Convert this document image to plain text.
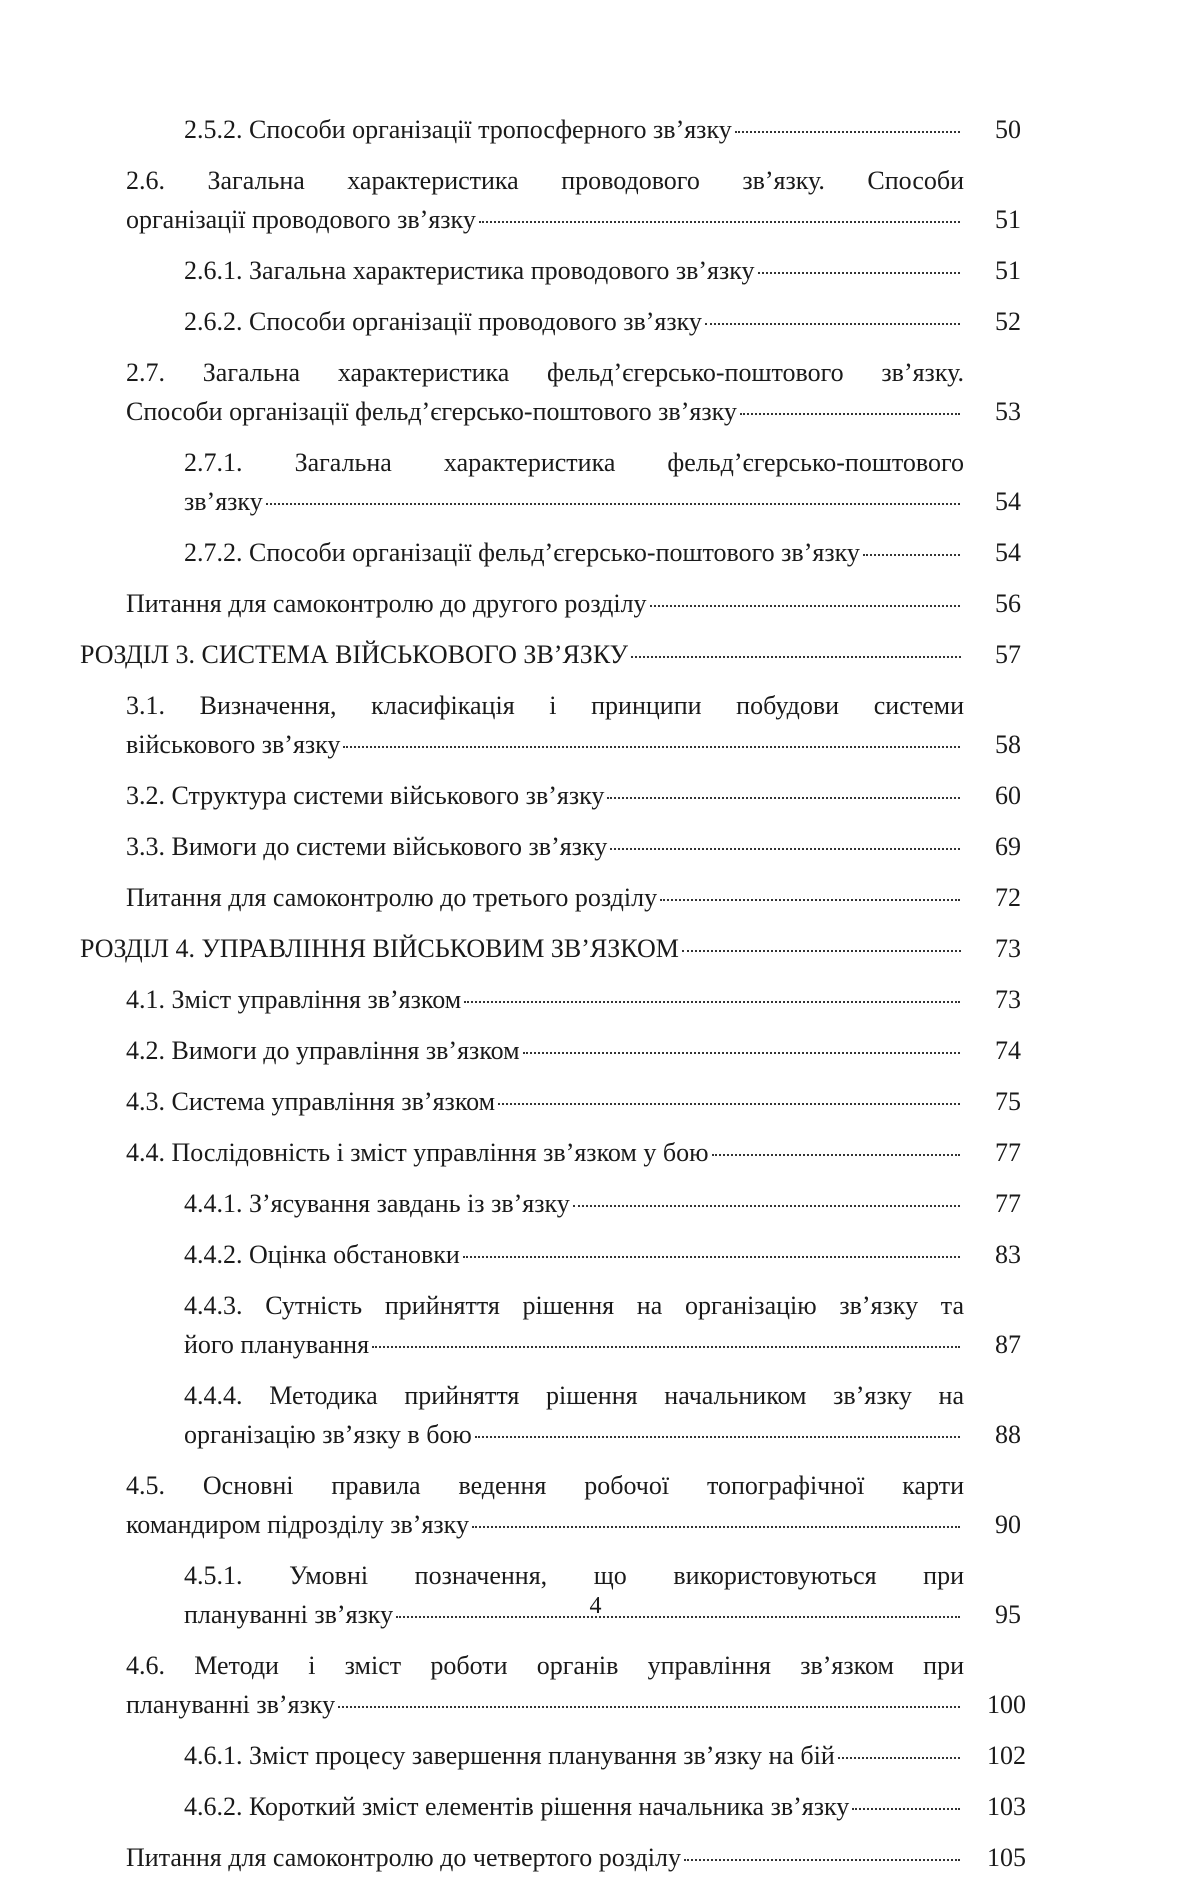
2.5.2. Способи організації тропосферного зв’язку	50
2.6. Загальна характеристика проводового зв’язку. Способи
організації проводового зв’язку	51
2.6.1. Загальна характеристика проводового зв’язку	51
2.6.2. Способи організації проводового зв’язку	52
2.7. Загальна характеристика фельд’єгерсько-поштового зв’язку.
Способи організації фельд’єгерсько-поштового зв’язку	53
2.7.1. Загальна характеристика фельд’єгерсько-поштового
зв’язку	54
2.7.2. Способи організації фельд’єгерсько-поштового зв’язку	54
Питання для самоконтролю до другого розділу	56
РОЗДІЛ 3. СИСТЕМА ВІЙСЬКОВОГО ЗВ’ЯЗКУ	57
3.1. Визначення, класифікація і принципи побудови системи
військового зв’язку	58
3.2. Структура системи військового зв’язку	60
3.3. Вимоги до системи військового зв’язку	69
Питання для самоконтролю до третього розділу	72
РОЗДІЛ 4. УПРАВЛІННЯ ВІЙСЬКОВИМ ЗВ’ЯЗКОМ	73
4.1. Зміст управління зв’язком	73
4.2. Вимоги до управління зв’язком	74
4.3. Система управління зв’язком	75
4.4. Послідовність і зміст управління зв’язком у бою	77
4.4.1. З’ясування завдань із зв’язку	77
4.4.2. Оцінка обстановки	83
4.4.3. Сутність прийняття рішення на організацію зв’язку та
його планування	87
4.4.4. Методика прийняття рішення начальником зв’язку на
організацію зв’язку в бою	88
4.5. Основні правила ведення робочої топографічної карти
командиром підрозділу зв’язку	90
4.5.1. Умовні позначення, що використовуються при
плануванні зв’язку	95
4.6. Методи і зміст роботи органів управління зв’язком при
плануванні зв’язку	100
4.6.1. Зміст процесу завершення планування зв’язку на бій	102
4.6.2. Короткий зміст елементів рішення начальника зв’язку	103
Питання для самоконтролю до четвертого розділу	105
4
